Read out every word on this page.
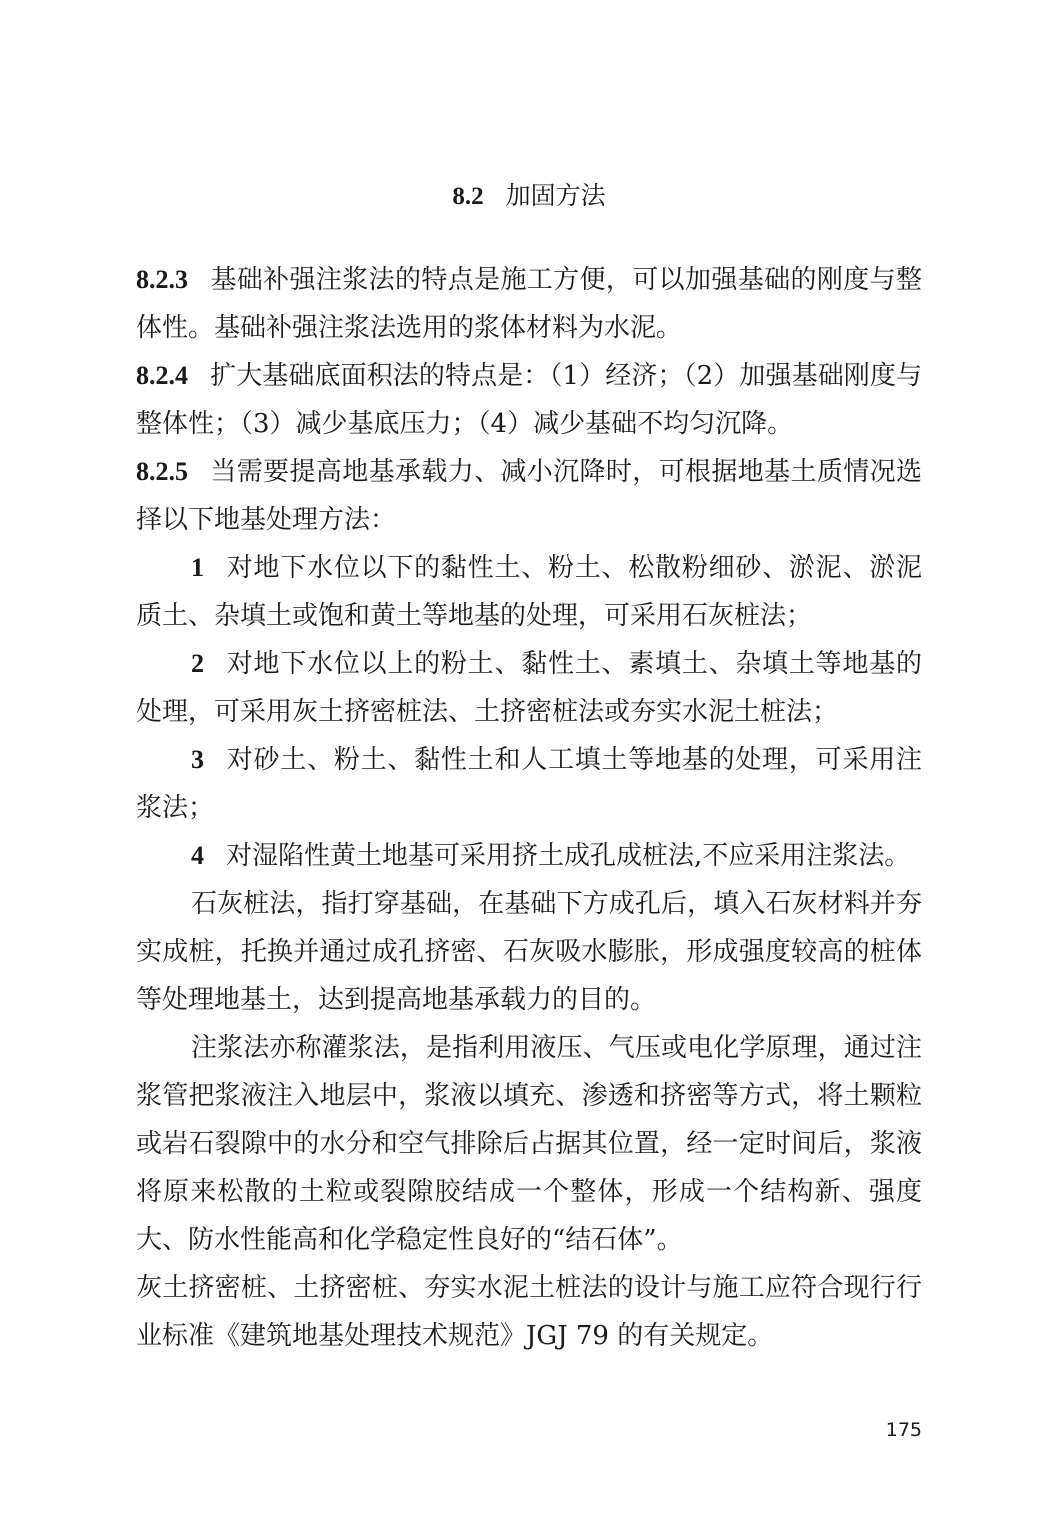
8.2 加固方法

8.2.3 基础补强注浆法的特点是施工方便，可以加强基础的刚度与整体性。基础补强注浆法选用的浆体材料为水泥。

8.2.4 扩大基础底面积法的特点是：（1）经济；（2）加强基础刚度与整体性；（3）减少基底压力；（4）减少基础不均匀沉降。

8.2.5 当需要提高地基承载力、减小沉降时，可根据地基土质情况选择以下地基处理方法：

1 对地下水位以下的黏性土、粉土、松散粉细砂、淤泥、淤泥质土、杂填土或饱和黄土等地基的处理，可采用石灰桩法；

2 对地下水位以上的粉土、黏性土、素填土、杂填土等地基的处理，可采用灰土挤密桩法、土挤密桩法或夯实水泥土桩法；

3 对砂土、粉土、黏性土和人工填土等地基的处理，可采用注浆法；

4 对湿陷性黄土地基可采用挤土成孔成桩法,不应采用注浆法。

石灰桩法，指打穿基础，在基础下方成孔后，填入石灰材料并夯实成桩，托换并通过成孔挤密、石灰吸水膨胀，形成强度较高的桩体等处理地基土，达到提高地基承载力的目的。

注浆法亦称灌浆法，是指利用液压、气压或电化学原理，通过注浆管把浆液注入地层中，浆液以填充、渗透和挤密等方式，将土颗粒或岩石裂隙中的水分和空气排除后占据其位置，经一定时间后，浆液将原来松散的土粒或裂隙胶结成一个整体，形成一个结构新、强度大、防水性能高和化学稳定性良好的“结石体”。

灰土挤密桩、土挤密桩、夯实水泥土桩法的设计与施工应符合现行行业标准《建筑地基处理技术规范》JGJ 79 的有关规定。

175
